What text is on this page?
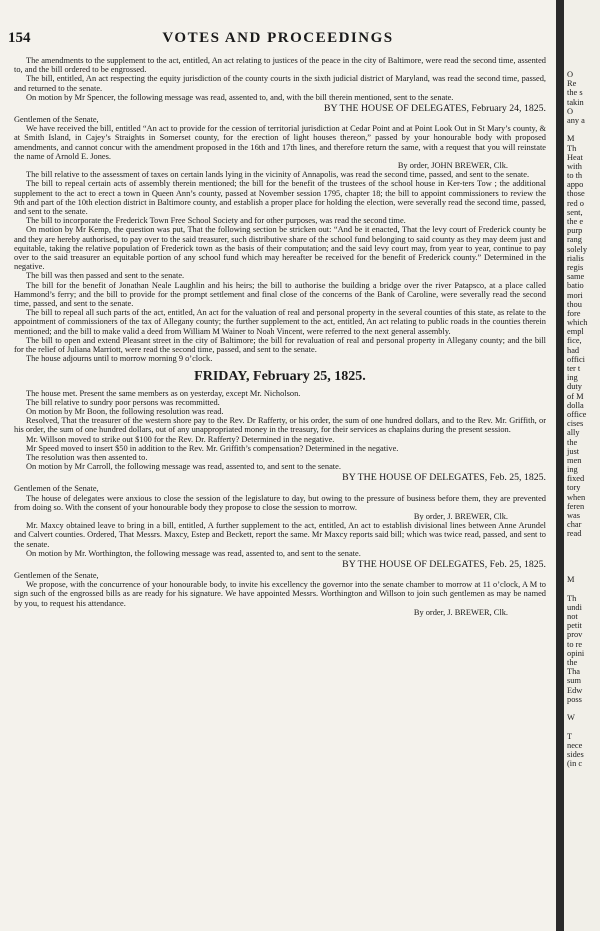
154	VOTES AND PROCEEDINGS

The amendments to the supplement to the act, entitled, An act relating to justices of the peace in the city of Baltimore, were read the second time, assented to, and the bill ordered to be engrossed.

The bill, entitled, An act respecting the equity jurisdiction of the county courts in the sixth judicial district of Maryland, was read the second time, passed, and returned to the senate.

On motion by Mr Spencer, the following message was read, assented to, and, with the bill therein mentioned, sent to the senate.

BY THE HOUSE OF DELEGATES, February 24, 1825.

Gentlemen of the Senate,

We have received the bill, entitled “An act to provide for the cession of territorial jurisdiction at Cedar Point and at Point Look Out in St Mary’s county, & at Smith Island, in Cajey’s Straights in Somerset county, for the erection of light houses thereon,” passed by your honourable body with proposed amendments, and cannot concur with the amendment proposed in the 16th and 17th lines, and therefore return the same, with a request that you will reinstate the name of Arnold E. Jones.

By order, JOHN BREWER, Clk.

The bill relative to the assessment of taxes on certain lands lying in the vicinity of Annapolis, was read the second time, passed, and sent to the senate.

The bill to repeal certain acts of assembly therein mentioned; the bill for the benefit of the trustees of the school house in Ker-ters Tow ; the additional supplement to the act to erect a town in Queen Ann’s county, passed at November session 1795, chapter 18; the bill to appoint commissioners to review the 9th and part of the 10th election district in Baltimore county, and establish a proper place for holding the election, were severally read the second time, passed, and sent to the senate.

The bill to incorporate the Frederick Town Free School Society and for other purposes, was read the second time.

On motion by Mr Kemp, the question was put, That the following section be stricken out: “And be it enacted, That the levy court of Frederick county be and they are hereby authorised, to pay over to the said treasurer, such distributive share of the school fund belonging to said county as they may deem just and equitable, taking the relative population of Frederick town as the basis of their computation; and the said levy court may, from year to year, continue to pay over to the said treasurer an equitable portion of any school fund which may hereafter be received for the benefit of Frederick county.” Determined in the negative.

The bill was then passed and sent to the senate.

The bill for the benefit of Jonathan Neale Laughlin and his heirs; the bill to authorise the building a bridge over the river Patapsco, at a place called Hammond’s ferry; and the bill to provide for the prompt settlement and final close of the concerns of the Bank of Caroline, were severally read the second time, passed, and sent to the senate.

The bill to repeal all such parts of the act, entitled, An act for the valuation of real and personal property in the several counties of this state, as relate to the appointment of commissioners of the tax of Allegany county; the further supplement to the act, entitled, An act relating to public roads in the counties therein mentioned; and the bill to make valid a deed from William M Wainer to Noah Vincent, were referred to the next general assembly.

The bill to open and extend Pleasant street in the city of Baltimore; the bill for revaluation of real and personal property in Allegany county; and the bill for the relief of Juliana Marriott, were read the second time, passed, and sent to the senate.

The house adjourns until to morrow morning 9 o’clock.

FRIDAY, February 25, 1825.

The house met. Present the same members as on yesterday, except Mr. Nicholson.

The bill relative to sundry poor persons was recommitted.

On motion by Mr Boon, the following resolution was read.

Resolved, That the treasurer of the western shore pay to the Rev. Dr Rafferty, or his order, the sum of one hundred dollars, and to the Rev. Mr. Griffith, or his order, the sum of one hundred dollars, out of any unappropriated money in the treasury, for their services as chaplains during the present session.

Mr. Willson moved to strike out $100 for the Rev. Dr. Rafferty? Determined in the negative.

Mr Speed moved to insert $50 in addition to the Rev. Mr. Griffith’s compensation? Determined in the negative.

The resolution was then assented to.

On motion by Mr Carroll, the following message was read, assented to, and sent to the senate.

BY THE HOUSE OF DELEGATES, Feb. 25, 1825.

Gentlemen of the Senate,

The house of delegates were anxious to close the session of the legislature to day, but owing to the pressure of business before them, they are prevented from doing so. With the consent of your honourable body they propose to close the session to morrow.

By order, J. BREWER, Clk.

Mr. Maxcy obtained leave to bring in a bill, entitled, A further supplement to the act, entitled, An act to establish divisional lines between Anne Arundel and Calvert counties. Ordered, That Messrs. Maxcy, Estep and Beckett, report the same. Mr Maxcy reports said bill; which was twice read, passed, and sent to the senate.

On motion by Mr. Worthington, the following message was read, assented to, and sent to the senate.

BY THE HOUSE OF DELEGATES, Feb. 25, 1825.

Gentlemen of the Senate,

We propose, with the concurrence of your honourable body, to invite his excellency the governor into the senate chamber to morrow at 11 o’clock, A M to sign such of the engrossed bills as are ready for his signature. We have appointed Messrs. Worthington and Willson to join such gentlemen as may be named by you, to request his attendance.

By order, J. BREWER, Clk.

O
Re
the s
takin
O
any a
M
Th
Heat
with
to th
appo
those
red o
sent,
the e
purp
rang
solely
rialis
regis
same
batio
mori
thou
fore
which
empl
fice,
had
offici
ter t
ing
duty
of M
dolla
office
cises
ally
the
just
men
ing
fixed
tory
when
feren
was
char
read
M
Th
undi
not
petit
prov
to re
opini
the
Tha
sum
Edw
poss
W
T
nece
sides
(in c
